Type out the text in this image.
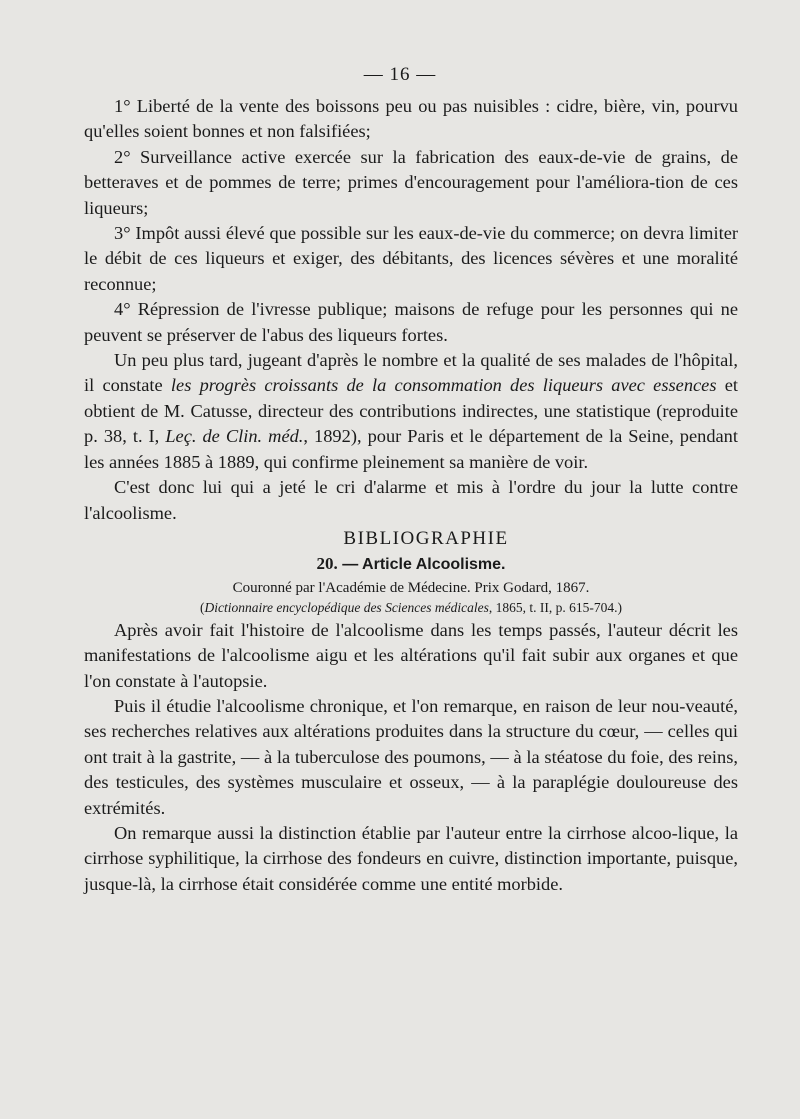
— 16 —

1° Liberté de la vente des boissons peu ou pas nuisibles : cidre, bière, vin, pourvu qu'elles soient bonnes et non falsifiées;

2° Surveillance active exercée sur la fabrication des eaux-de-vie de grains, de betteraves et de pommes de terre; primes d'encouragement pour l'améliora-tion de ces liqueurs;

3° Impôt aussi élevé que possible sur les eaux-de-vie du commerce; on devra limiter le débit de ces liqueurs et exiger, des débitants, des licences sévères et une moralité reconnue;

4° Répression de l'ivresse publique; maisons de refuge pour les personnes qui ne peuvent se préserver de l'abus des liqueurs fortes.

Un peu plus tard, jugeant d'après le nombre et la qualité de ses malades de l'hôpital, il constate les progrès croissants de la consommation des liqueurs avec essences et obtient de M. Catusse, directeur des contributions indirectes, une statistique (reproduite p. 38, t. I, Leç. de Clin. méd., 1892), pour Paris et le département de la Seine, pendant les années 1885 à 1889, qui confirme pleinement sa manière de voir.

C'est donc lui qui a jeté le cri d'alarme et mis à l'ordre du jour la lutte contre l'alcoolisme.

BIBLIOGRAPHIE

20. — Article Alcoolisme.

Couronné par l'Académie de Médecine. Prix Godard, 1867.

(Dictionnaire encyclopédique des Sciences médicales, 1865, t. II, p. 615-704.)

Après avoir fait l'histoire de l'alcoolisme dans les temps passés, l'auteur décrit les manifestations de l'alcoolisme aigu et les altérations qu'il fait subir aux organes et que l'on constate à l'autopsie.

Puis il étudie l'alcoolisme chronique, et l'on remarque, en raison de leur nou-veauté, ses recherches relatives aux altérations produites dans la structure du cœur, — celles qui ont trait à la gastrite, — à la tuberculose des poumons, — à la stéatose du foie, des reins, des testicules, des systèmes musculaire et osseux, — à la paraplégie douloureuse des extrémités.

On remarque aussi la distinction établie par l'auteur entre la cirrhose alcoo-lique, la cirrhose syphilitique, la cirrhose des fondeurs en cuivre, distinction importante, puisque, jusque-là, la cirrhose était considérée comme une entité morbide.
